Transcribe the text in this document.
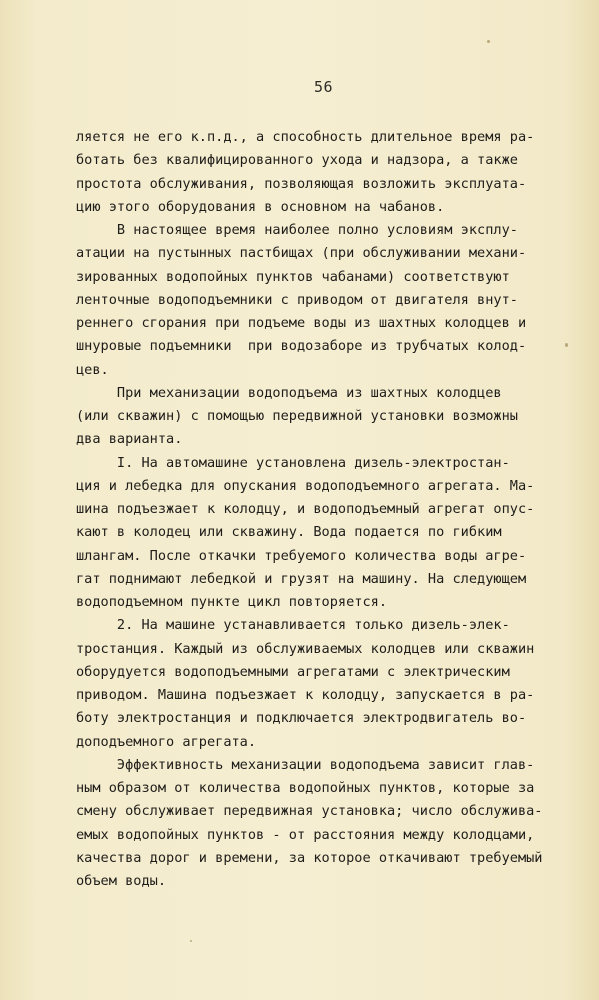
56
ляется не его к.п.д., а способность длительное время ра-
ботать без квалифицированного ухода и надзора, а также
простота обслуживания, позволяющая возложить эксплуата-
цию этого оборудования в основном на чабанов.
В настоящее время наиболее полно условиям эксплу-
атации на пустынных пастбищах (при обслуживании механи-
зированных водопойных пунктов чабанами) соответствуют
ленточные водоподъемники с приводом от двигателя внут-
реннего сгорания при подъеме воды из шахтных колодцев и
шнуровые подъемники  при водозаборе из трубчатых колод-
цев.
При механизации водоподъема из шахтных колодцев
(или скважин) с помощью передвижной установки возможны
два варианта.
I. На автомашине установлена дизель-электростан-
ция и лебедка для опускания водоподъемного агрегата. Ма-
шина подъезжает к колодцу, и водоподъемный агрегат опус-
кают в колодец или скважину. Вода подается по гибким
шлангам. После откачки требуемого количества воды агре-
гат поднимают лебедкой и грузят на машину. На следующем
водоподъемном пункте цикл повторяется.
2. На машине устанавливается только дизель-элек-
тростанция. Каждый из обслуживаемых колодцев или скважин
оборудуется водоподъемными агрегатами с электрическим
приводом. Машина подъезжает к колодцу, запускается в ра-
боту электростанция и подключается электродвигатель во-
доподъемного агрегата.
Эффективность механизации водоподъема зависит глав-
ным образом от количества водопойных пунктов, которые за
смену обслуживает передвижная установка; число обслужива-
емых водопойных пунктов - от расстояния между колодцами,
качества дорог и времени, за которое откачивают требуемый
объем воды.
